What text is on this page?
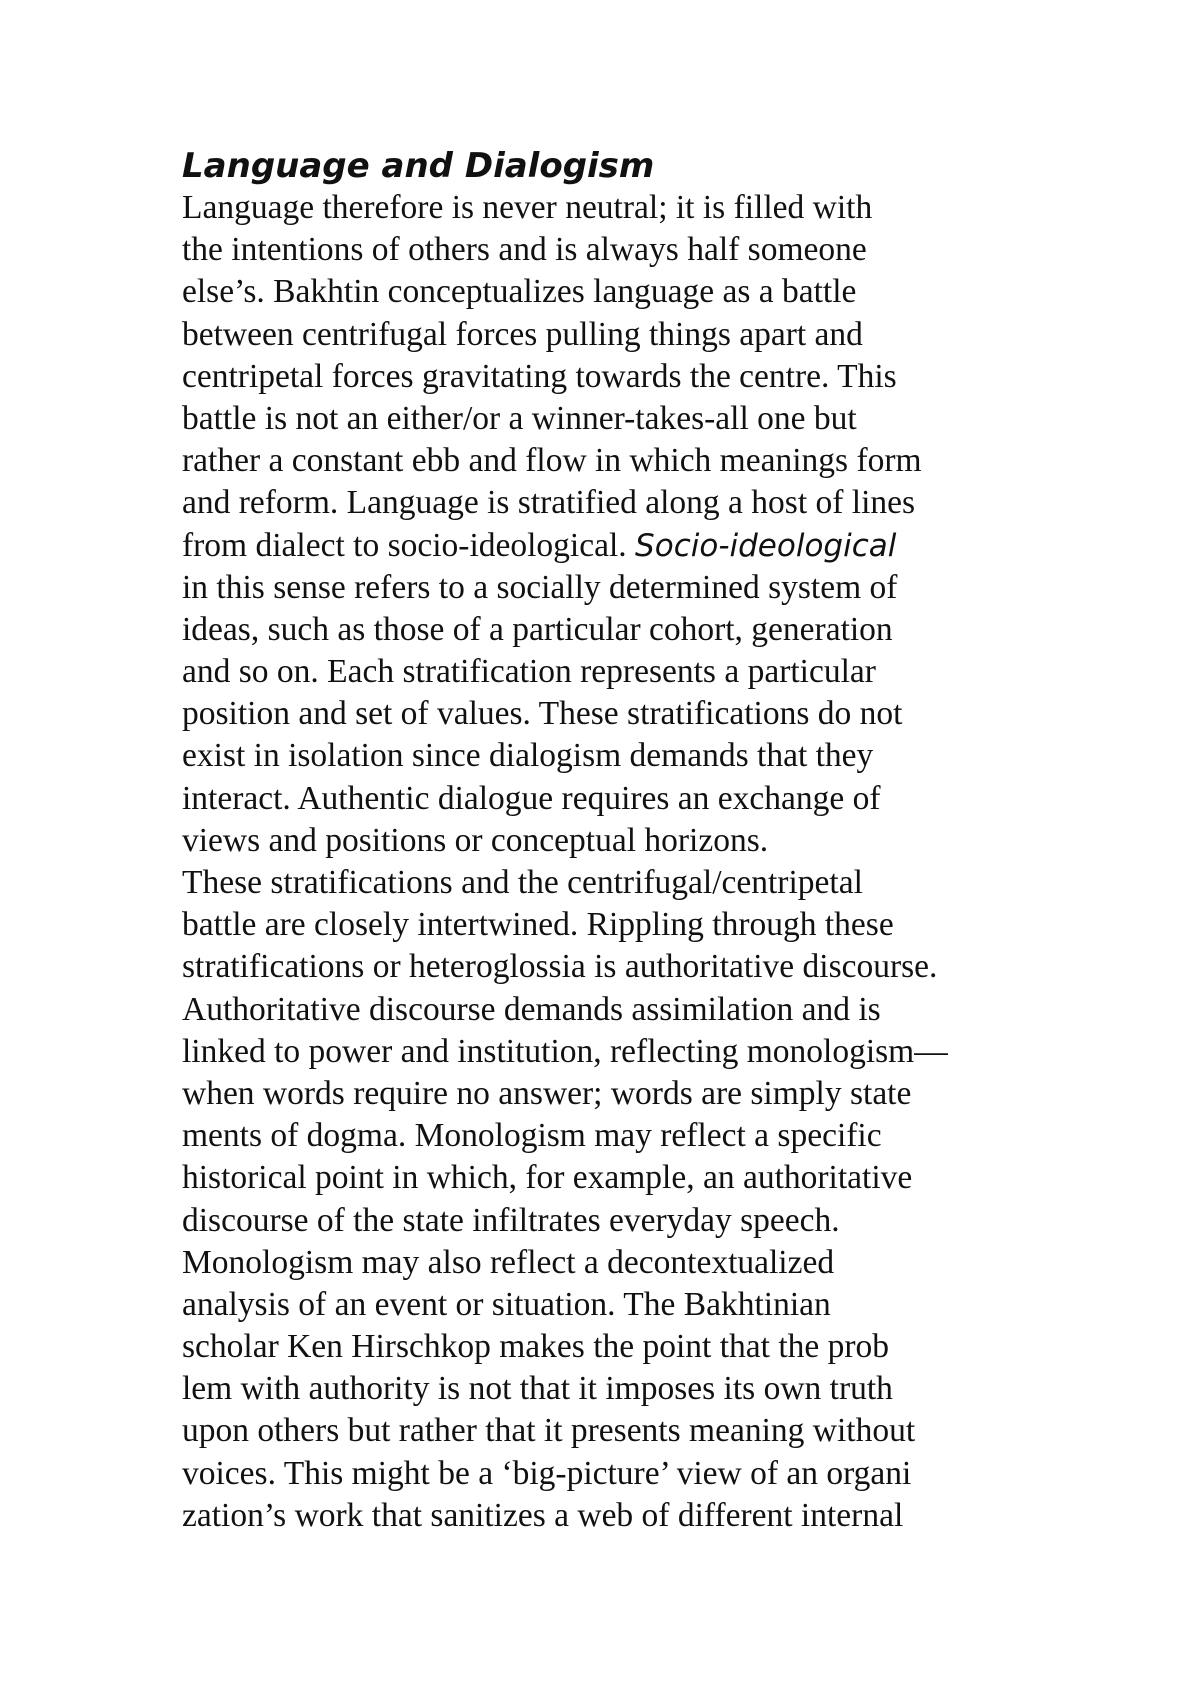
Language and Dialogism
Language therefore is never neutral; it is filled with
the intentions of others and is always half someone
else’s. Bakhtin conceptualizes language as a battle
between centrifugal forces pulling things apart and
centripetal forces gravitating towards the centre. This
battle is not an either/or a winner-takes-all one but
rather a constant ebb and flow in which meanings form
and reform. Language is stratified along a host of lines
from dialect to socio-ideological. Socio-ideological
in this sense refers to a socially determined system of
ideas, such as those of a particular cohort, generation
and so on. Each stratification represents a particular
position and set of values. These stratifications do not
exist in isolation since dialogism demands that they
interact. Authentic dialogue requires an exchange of
views and positions or conceptual horizons.
These stratifications and the centrifugal/centripetal
battle are closely intertwined. Rippling through these
stratifications or heteroglossia is authoritative discourse.
Authoritative discourse demands assimilation and is
linked to power and institution, reflecting monologism—
when words require no answer; words are simply state
ments of dogma. Monologism may reflect a specific
historical point in which, for example, an authoritative
discourse of the state infiltrates everyday speech.
Monologism may also reflect a decontextualized
analysis of an event or situation. The Bakhtinian
scholar Ken Hirschkop makes the point that the prob
lem with authority is not that it imposes its own truth
upon others but rather that it presents meaning without
voices. This might be a ‘big-picture’ view of an organi
zation’s work that sanitizes a web of different internal
